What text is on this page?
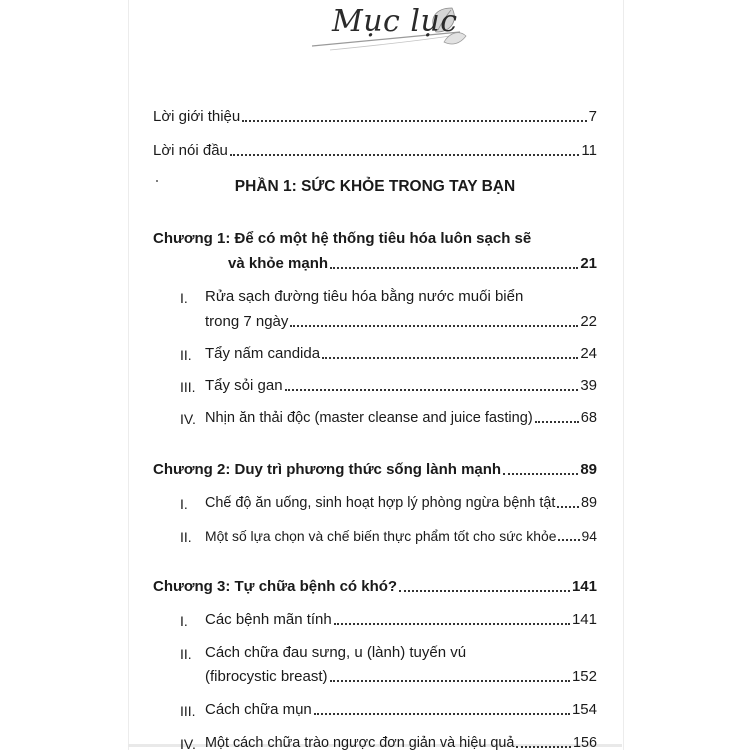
Mục lục
Lời giới thiệu	7
Lời nói đầu	11
PHẦN 1: SỨC KHỎE TRONG TAY BẠN
Chương 1: Để có một hệ thống tiêu hóa luôn sạch sẽ
và khỏe mạnh	21
I. Rửa sạch đường tiêu hóa bằng nước muối biển
trong 7 ngày	22
II. Tẩy nấm candida	24
III. Tẩy sỏi gan	39
IV. Nhịn ăn thải độc (master cleanse and juice fasting)	68
Chương 2: Duy trì phương thức sống lành mạnh	89
I. Chế độ ăn uống, sinh hoạt hợp lý phòng ngừa bệnh tật 89
II. Một số lựa chọn và chế biến thực phẩm tốt cho sức khỏe 94
Chương 3: Tự chữa bệnh có khó?	141
I. Các bệnh mãn tính	141
II. Cách chữa đau sưng, u (lành) tuyến vú
(fibrocystic breast)	152
III. Cách chữa mụn	154
IV. Một cách chữa trào ngược đơn giản và hiệu quả	156
